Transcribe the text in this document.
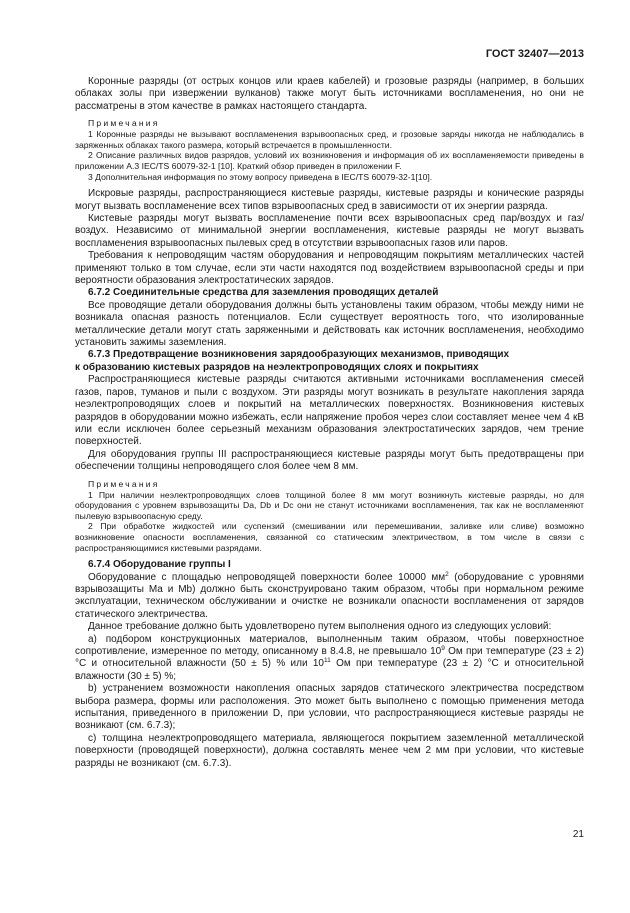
ГОСТ 32407—2013

Коронные разряды (от острых концов или краев кабелей) и грозовые разряды (например, в больших облаках золы при извержении вулканов) также могут быть источниками воспламенения, но они не рассматрены в этом качестве в рамках настоящего стандарта.

Примечания
1 Коронные разряды не вызывают воспламенения взрывоопасных сред, и грозовые заряды никогда не наблюдались в заряженных облаках такого размера, который встречается в промышленности.
2 Описание различных видов разрядов, условий их возникновения и информация об их воспламеняемости приведены в приложении А.3 IEC/TS 60079-32-1 [10]. Краткий обзор приведен в приложении F.
3 Дополнительная информация по этому вопросу приведена в IEC/TS 60079-32-1[10].

Искровые разряды, распространяющиеся кистевые разряды, кистевые разряды и конические разряды могут вызвать воспламенение всех типов взрывоопасных сред в зависимости от их энергии разряда.

Кистевые разряды могут вызвать воспламенение почти всех взрывоопасных сред пар/воздух и газ/воздух. Независимо от минимальной энергии воспламенения, кистевые разряды не могут вызвать воспламенения взрывоопасных пылевых сред в отсутствии взрывоопасных газов или паров.

Требования к непроводящим частям оборудования и непроводящим покрытиям металлических частей применяют только в том случае, если эти части находятся под воздействием взрывоопасной среды и при вероятности образования электростатических зарядов.

6.7.2 Соединительные средства для заземления проводящих деталей

Все проводящие детали оборудования должны быть установлены таким образом, чтобы между ними не возникала опасная разность потенциалов. Если существует вероятность того, что изолированные металлические детали могут стать заряженными и действовать как источник воспламенения, необходимо установить зажимы заземления.

6.7.3 Предотвращение возникновения зарядообразующих механизмов, приводящих
к образованию кистевых разрядов на неэлектропроводящих слоях и покрытиях

Распространяющиеся кистевые разряды считаются активными источниками воспламенения смесей газов, паров, туманов и пыли с воздухом. Эти разряды могут возникать в результате накопления заряда неэлектропроводящих слоев и покрытий на металлических поверхностях. Возникновения кистевых разрядов в оборудовании можно избежать, если напряжение пробоя через слои составляет менее чем 4 кВ или если исключен более серьезный механизм образования электростатических зарядов, чем трение поверхностей.

Для оборудования группы III распространяющиеся кистевые разряды могут быть предотвращены при обеспечении толщины непроводящего слоя более чем 8 мм.

Примечания
1 При наличии неэлектропроводящих слоев толщиной более 8 мм могут возникнуть кистевые разряды, но для оборудования с уровнем взрывозащиты Da, Db и Dc они не станут источниками воспламенения, так как не воспламеняют пылевую взрывоопасную среду.
2 При обработке жидкостей или суспензий (смешивании или перемешивании, заливке или сливе) возможно возникновение опасности воспламенения, связанной со статическим электричеством, в том числе в связи с распространяющимися кистевыми разрядами.
6.7.4 Оборудование группы I

Оборудование с площадью непроводящей поверхности более 10000 $мм^2$ (оборудование с уровнями взрывозащиты Ma и Mb) должно быть сконструировано таким образом, чтобы при нормальном режиме эксплуатации, техническом обслуживании и очистке не возникали опасности воспламенения от зарядов статического электричества.

Данное требование должно быть удовлетворено путем выполнения одного из следующих условий:

а) подбором конструкционных материалов, выполненным таким образом, чтобы поверхностное сопротивление, измеренное по методу, описанному в 8.4.8, не превышало $10^9$ Ом при температуре (23 ± 2) °С и относительной влажности (50 ± 5) % или $10^{11}$ Ом при температуре (23 ± 2) °С и относительной влажности (30 ± 5) %;

b) устранением возможности накопления опасных зарядов статического электричества посредством выбора размера, формы или расположения. Это может быть выполнено с помощью применения метода испытания, приведенного в приложении D, при условии, что распространяющиеся кистевые разряды не возникают (см. 6.7.3);

с) толщина неэлектропроводящего материала, являющегося покрытием заземленной металлической поверхности (проводящей поверхности), должна составлять менее чем 2 мм при условии, что кистевые разряды не возникают (см. 6.7.3).

21
